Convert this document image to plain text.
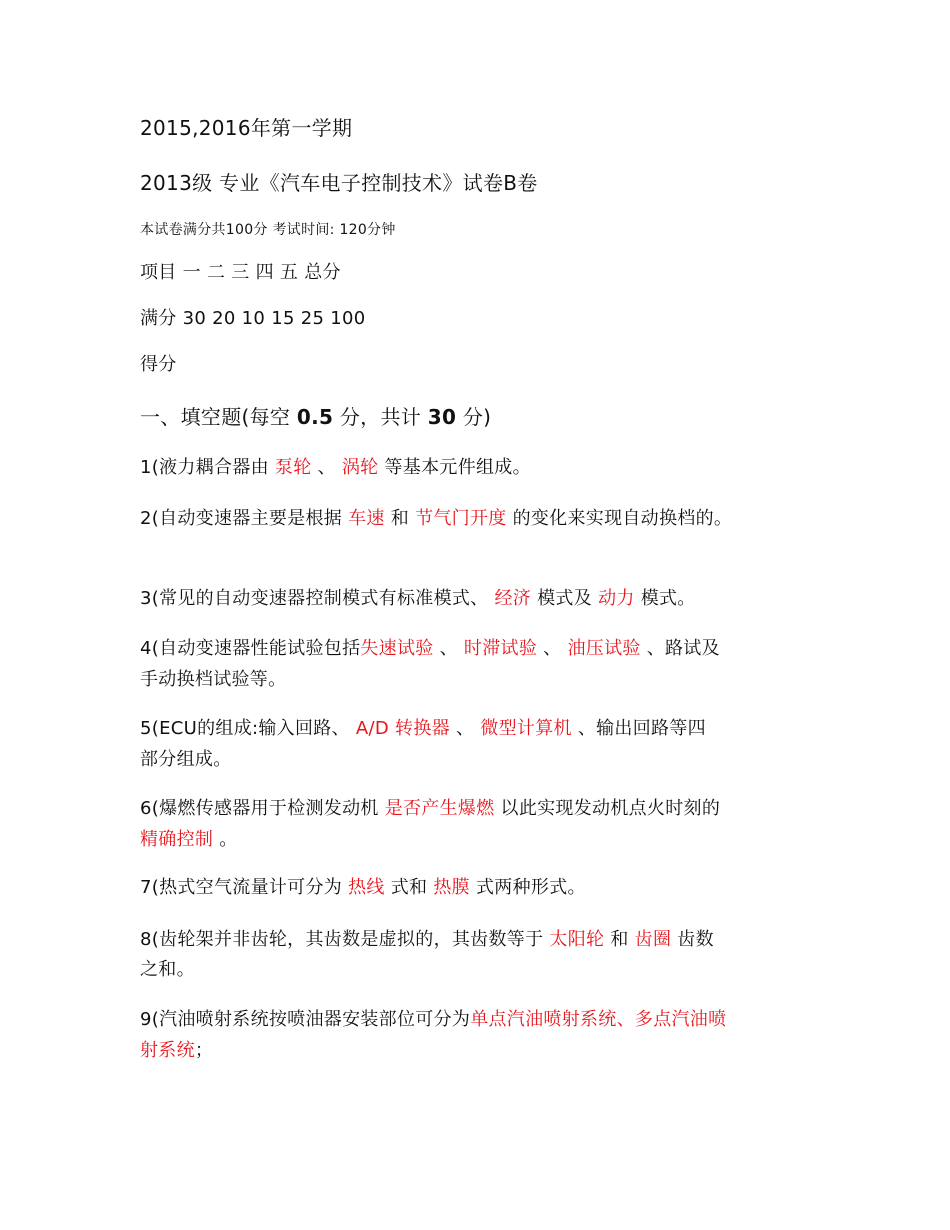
2015,2016年第一学期
2013级 专业《汽车电子控制技术》试卷B卷
本试卷满分共100分 考试时间: 120分钟
项目 一 二 三 四 五 总分
满分 30 20 10 15 25 100
得分
一、填空题(每空 0.5 分，共计 30 分)
1(液力耦合器由 泵轮 、 涡轮 等基本元件组成。
2(自动变速器主要是根据 车速 和 节气门开度 的变化来实现自动换档的。
3(常见的自动变速器控制模式有标准模式、 经济 模式及 动力 模式。
4(自动变速器性能试验包括失速试验 、 时滞试验 、 油压试验 、路试及
手动换档试验等。
5(ECU的组成:输入回路、 A/D 转换器 、 微型计算机 、输出回路等四
部分组成。
6(爆燃传感器用于检测发动机 是否产生爆燃 以此实现发动机点火时刻的
精确控制 。
7(热式空气流量计可分为 热线 式和 热膜 式两种形式。
8(齿轮架并非齿轮，其齿数是虚拟的，其齿数等于 太阳轮 和 齿圈 齿数
之和。
9(汽油喷射系统按喷油器安装部位可分为单点汽油喷射系统、多点汽油喷
射系统；
